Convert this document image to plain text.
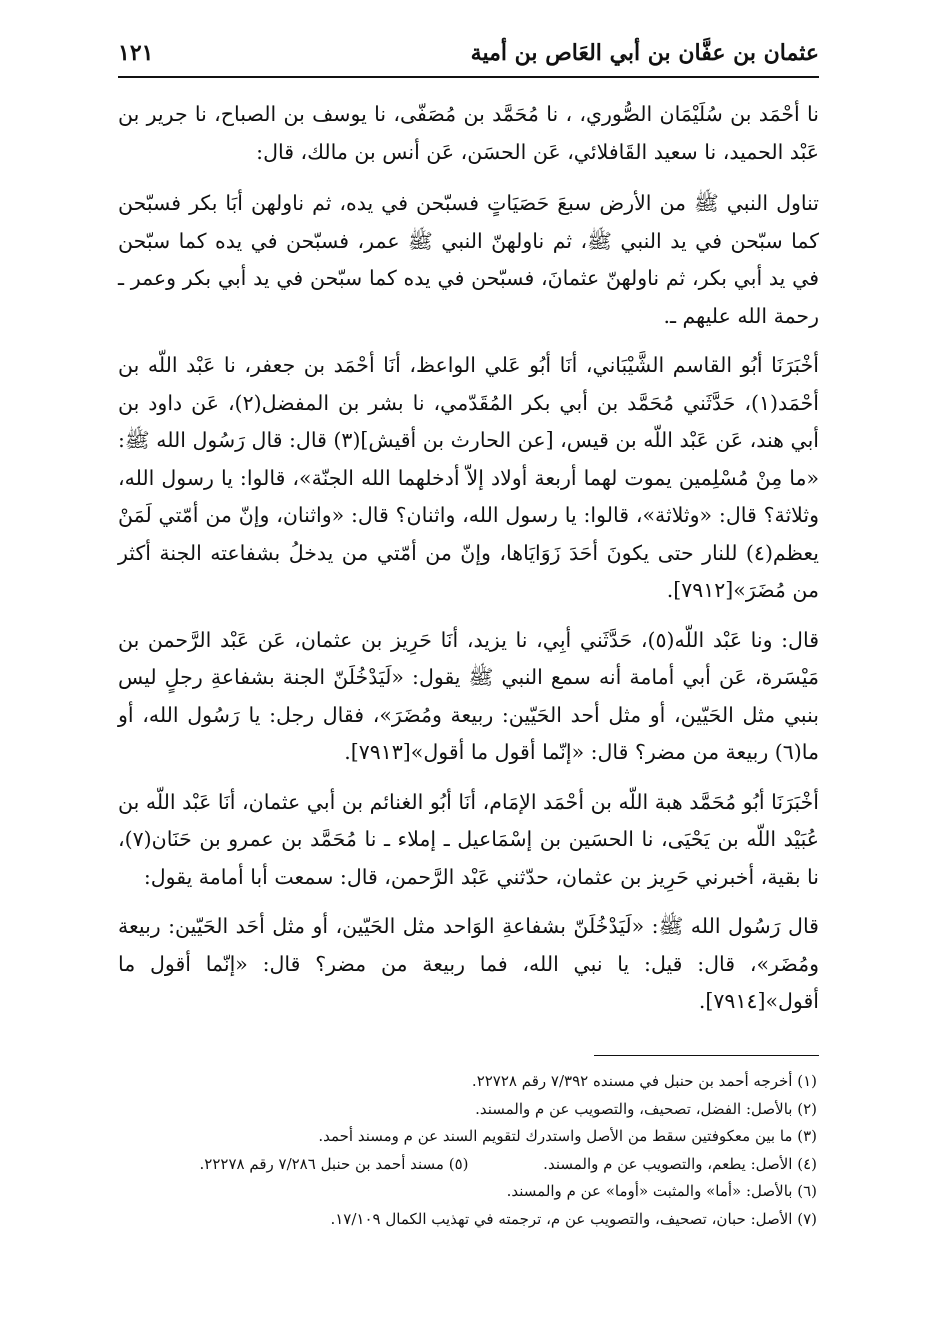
عثمان بن عفَّان بن أبي العَاص بن أمية
١٢١

نا أحْمَد بن سُلَيْمَان الصُّوري، ، نا مُحَمَّد بن مُصَفّى، نا يوسف بن الصباح، نا جرير بن عَبْد الحميد، نا سعيد القَافلائي، عَن الحسَن، عَن أنس بن مالك، قال:

تناول النبي ﷺ من الأرض سبعَ حَصَيَاتٍ فسبّحن في يده، ثم ناولهن أبَا بكر فسبّحن كما سبّحن في يد النبي ﷺ، ثم ناولهنّ النبي ﷺ عمر، فسبّحن في يده كما سبّحن في يد أبي بكر، ثم ناولهنّ عثمانَ، فسبّحن في يده كما سبّحن في يد أبي بكر وعمر ـ رحمة الله عليهم ـ.

أخْبَرَنَا أبُو القاسم الشَّيْبَاني، أنَا أبُو عَلي الواعظ، أنَا أحْمَد بن جعفر، نا عَبْد اللّه بن أحْمَد(١)، حَدَّثَني مُحَمَّد بن أبي بكر المُقَدّمي، نا بشر بن المفضل(٢)، عَن داود بن أبي هند، عَن عَبْد اللّه بن قيس، [عن الحارث بن أقيش](٣) قال: قال رَسُول الله ﷺ: «ما مِنْ مُسْلِمين يموت لهما أربعة أولاد إلاّ أدخلهما الله الجنّة»، قالوا: يا رسول الله، وثلاثة؟ قال: «وثلاثة»، قالوا: يا رسول الله، واثنان؟ قال: «واثنان، وإنّ من أمّتي لَمَنْ يعظم(٤) للنار حتى يكونَ أحَدَ زَوَايَاها، وإنّ من أمّتي من يدخلُ بشفاعته الجنة أكثر من مُضَرَ»[٧٩١٢].

قال: ونا عَبْد اللّه(٥)، حَدَّثَني أبِي، نا يزيد، أنَا حَرِيز بن عثمان، عَن عَبْد الرَّحمن بن مَيْسَرة، عَن أبي أمامة أنه سمع النبي ﷺ يقول: «لَيَدْخُلَنّ الجنة بشفاعةِ رجلٍ ليس بنبي مثل الحَيّين، أو مثل أحد الحَيّين: ربيعة ومُضَرَ»، فقال رجل: يا رَسُول الله، أو ما(٦) ربيعة من مضر؟ قال: «إنّما أقول ما أقول»[٧٩١٣].

أخْبَرَنَا أبُو مُحَمَّد هبة اللّه بن أحْمَد الإمَام، أنَا أبُو الغنائم بن أبي عثمان، أنَا عَبْد اللّه بن عُبَيْد اللّه بن يَحْيَى، نا الحسَين بن إسْمَاعيل ـ إملاء ـ نا مُحَمَّد بن عمرو بن حَنَان(٧)، نا بقية، أخبرني حَرِيز بن عثمان، حدّثني عَبْد الرَّحمن، قال: سمعت أبا أمامة يقول:

قال رَسُول الله ﷺ: «لَيَدْخُلَنّ بشفاعةِ الوَاحد مثل الحَيّين، أو مثل أحَد الحَيّين: ربيعة ومُضَر»، قال: قيل: يا نبي الله، فما ربيعة من مضر؟ قال: «إنّما أقول ما أقول»[٧٩١٤].

(١) أخرجه أحمد بن حنبل في مسنده ٧/٣٩٢ رقم ٢٢٧٢٨.
(٢) بالأصل: الفضل، تصحيف، والتصويب عن م والمسند.
(٣) ما بين معكوفتين سقط من الأصل واستدرك لتقويم السند عن م ومسند أحمد.
(٤) الأصل: يطعم، والتصويب عن م والمسند.
(٥) مسند أحمد بن حنبل ٧/٢٨٦ رقم ٢٢٢٧٨.
(٦) بالأصل: «أما» والمثبت «أوما» عن م والمسند.
(٧) الأصل: حبان، تصحيف، والتصويب عن م، ترجمته في تهذيب الكمال ١٧/١٠٩.
